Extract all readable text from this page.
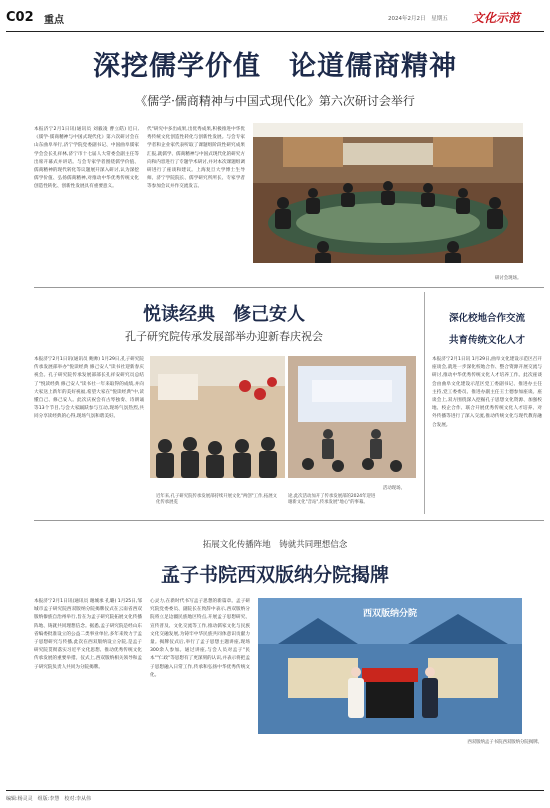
C02 重点	2024年2月2日 星期五 文化示范
深挖儒学价值　论道儒商精神
《儒学·儒商精神与中国式现代化》第六次研讨会举行
本报济宁2月1日讯(通讯员 刘毅凌 曹立皓) 近日,《儒学·儒商精神与中国式现代化》第六次研讨会在山东曲阜举行,济宁学院党委副书记、中国曲阜儒家学会会长孔祥林,济宁市十七届人大常委会副主任等出席开幕式并讲话。与会专家学者围绕儒学价值、儒商精神的现代转化等议题展开深入研讨,认为深挖儒学价值、弘扬儒商精神,对推动中华优秀传统文化创造性转化、创新性发展具有重要意义。
代"研究中多出成果,出优秀成果,积极推进中华优秀传统文化创造性转化与创新性发展。与会专家学者和企业家代表听取了课题组阶段性研究成果汇报,就儒学、儒商精神与中国式现代化的研究方向和内容进行了专题学术研讨,并对本次课题组调研进行了座谈和建议。上海复旦大学博士生导师、济宁学院院长、儒学研究所所长、专家学者等参加会议并作交流发言。
研讨会现场。
悦读经典　修己安人
孔子研究院传承发展部举办迎新春庆祝会
本报济宁2月1日讯(通讯员 鲍帅) 1月29日,孔子研究院传承发展部举办"悦读经典 修己安人"读书社迎新春庆祝会。孔子研究院传承发展部部长孔祥安研究员总结了"悦读经典 修己安人"读书社一年来取得的成绩,并向大家送上新年的美好祝福,希望大家在"悦读经典"中,读懂自己、修己安人。此次庆祝会有古琴独奏、诗朗诵等13个节目,与会大家踊跃参与互动,现场气氛热烈,共同分享读经典的心得,现场气氛和谐美好。
活动现场。
近年来,孔子研究院传承发展部持续开展文化"两创"工作,拓展文化传承展览
途,此次活动加开了传承发展部的2024年迎进
谢新文化"音站",传承发展"地心"的事幕。
深化校地合作交流
共育传统文化人才
本报济宁2月1日讯 1月29日,曲阜文化建设示范区召开座谈会,就进一步深化校地合作、整合资源开展交流与研讨,推动中华优秀传统文化人才培养工作。此次座谈会由曲阜文化建设示范区党工委副书记、推进办主任主持,党工委委员、推进办副主任王士德参加座谈。座谈会上,双方围绕深入挖掘孔子思想文化资源、加强校地、校企合作、联合开展优秀传统文化人才培养、对外传播等进行了深入交流,推动传统文化与现代教育融合发展。
拓展文化传播阵地　铸就共同理想信念
孟子书院西双版纳分院揭牌
本报济宁2月1日讯(通讯员 谢城承 孔璐) 1月25日,邹城市孟子研究院西双版纳分院揭牌仪式在云南省西双版纳傣族自治州举行,旨在为孟子研究院拓展文化传播阵地、铸就共同理想信念。据悉,孟子研究院是经山东省编委批准设立的公益二类事业单位,多年来致力于孟子思想研究与传播,此次在西双版纳设立分院,是孟子研究院贯彻落实习近平文化思想、推动优秀传统文化传承发展的重要举措。仪式上,西双版纳相关领导和孟子研究院负责人共同为分院揭牌。
心灵力,在新时代书写孟子思想的新篇章。孟子研究院党委委员、副院长在致辞中表示,西双版纳分院将立足边疆民族地区特点,开展孟子思想研究、宣传普及、文化交流等工作,推动儒家文化与民族文化交融发展,为铸牢中华民族共同体意识贡献力量。揭牌仪式后,举行了孟子思想主题讲座,现场300余人参加。通过讲座,与会人员对孟子"民本""仁政"等思想有了更深刻的认识,并表示将把孟子思想融入日常工作,传承和弘扬中华优秀传统文化。
西双版纳分院
西双版纳孟子书院西双版纳分院揭牌。
编辑:杨灵灵　组版:李慧　校对:李从伟
